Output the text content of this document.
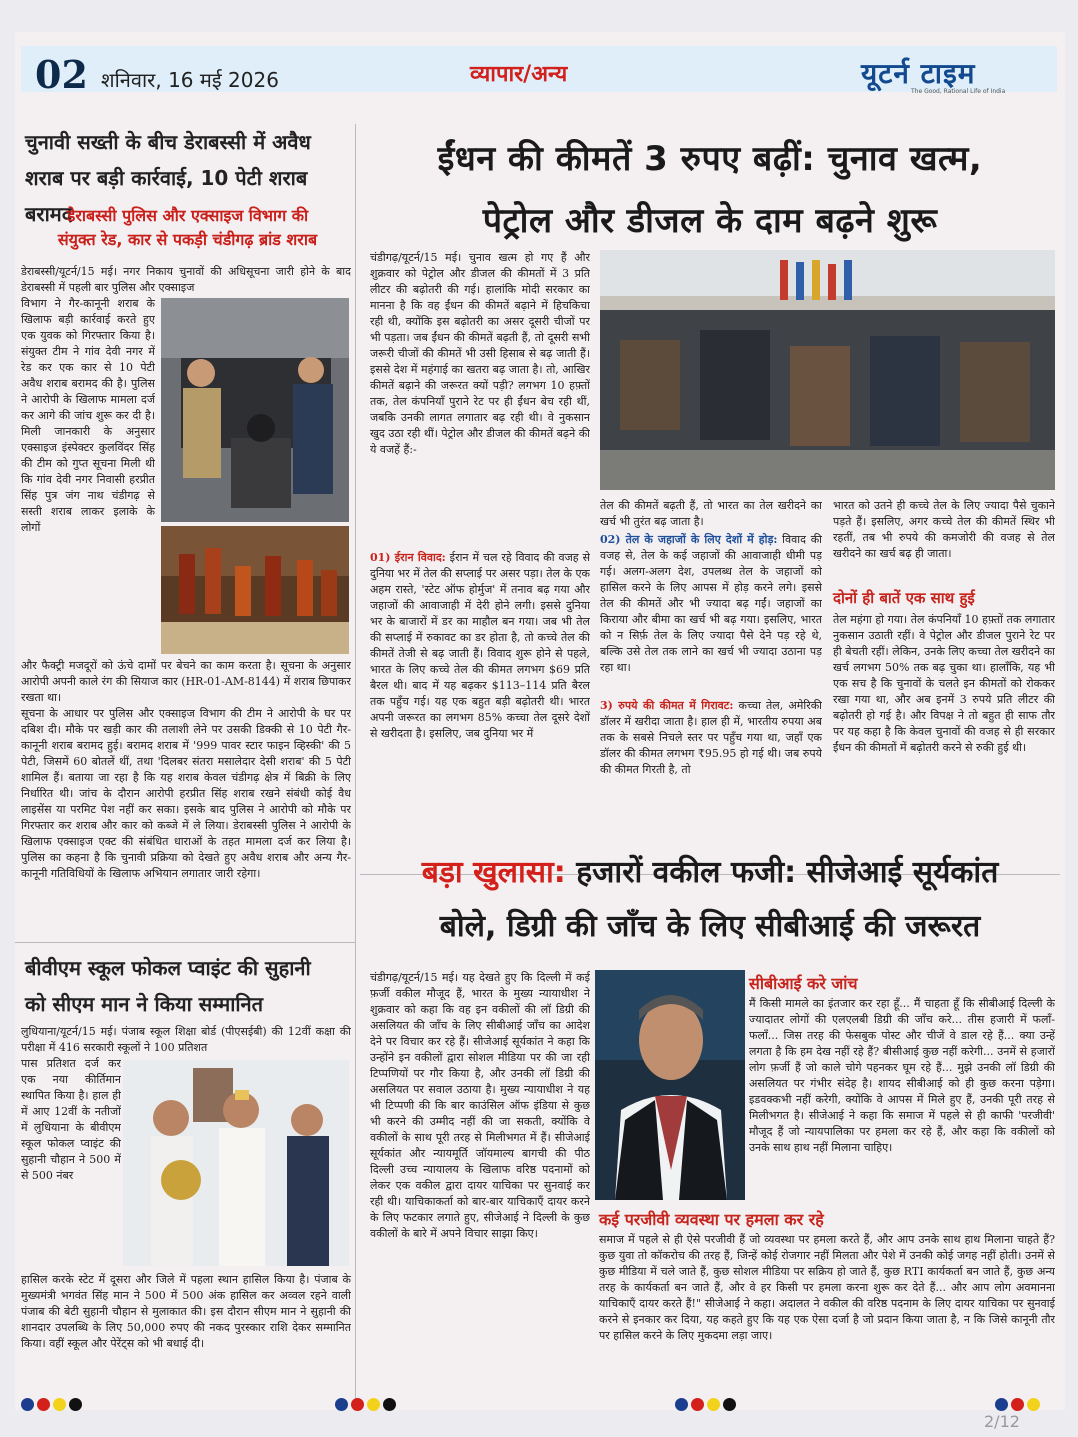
02 शनिवार, 16 मई 2026	व्यापार/अन्य	यूटर्न टाइम
The Good, Rational Life of India
चुनावी सख्ती के बीच डेराबस्सी में अवैध
शराब पर बड़ी कार्रवाई, 10 पेटी शराब बरामद
डेराबस्सी पुलिस और एक्साइज विभाग की
संयुक्त रेड, कार से पकड़ी चंडीगढ़ ब्रांड शराब
डेराबस्सी/यूटर्न/15 मई। नगर निकाय चुनावों की अधिसूचना जारी होने के बाद डेराबस्सी में पहली बार पुलिस और एक्साइज
विभाग ने गैर-कानूनी शराब के खिलाफ बड़ी कार्रवाई करते हुए एक युवक को गिरफ्तार किया है। संयुक्त टीम ने गांव देवी नगर में रेड कर एक कार से 10 पेटी अवैध शराब बरामद की है। पुलिस ने आरोपी के खिलाफ मामला दर्ज कर आगे की जांच शुरू कर दी है। मिली जानकारी के अनुसार एक्साइज इंस्पेक्टर कुलविंदर सिंह की टीम को गुप्त सूचना मिली थी कि गांव देवी नगर निवासी हरप्रीत सिंह पुत्र जंग नाथ चंडीगढ़ से सस्ती शराब लाकर इलाके के लोगों
और फैक्ट्री मजदूरों को ऊंचे दामों पर बेचने का काम करता है। सूचना के अनुसार आरोपी अपनी काले रंग की सियाज कार (HR-01-AM-8144) में शराब छिपाकर रखता था।
सूचना के आधार पर पुलिस और एक्साइज विभाग की टीम ने आरोपी के घर पर दबिश दी। मौके पर खड़ी कार की तलाशी लेने पर उसकी डिक्की से 10 पेटी गैर-कानूनी शराब बरामद हुई। बरामद शराब में '999 पावर स्टार फाइन व्हिस्की' की 5 पेटी, जिसमें 60 बोतलें थीं, तथा 'दिलबर संतरा मसालेदार देसी शराब' की 5 पेटी शामिल हैं। बताया जा रहा है कि यह शराब केवल चंडीगढ़ क्षेत्र में बिक्री के लिए निर्धारित थी। जांच के दौरान आरोपी हरप्रीत सिंह शराब रखने संबंधी कोई वैध लाइसेंस या परमिट पेश नहीं कर सका। इसके बाद पुलिस ने आरोपी को मौके पर गिरफ्तार कर शराब और कार को कब्जे में ले लिया। डेराबस्सी पुलिस ने आरोपी के खिलाफ एक्साइज एक्ट की संबंधित धाराओं के तहत मामला दर्ज कर लिया है। पुलिस का कहना है कि चुनावी प्रक्रिया को देखते हुए अवैध शराब और अन्य गैर-कानूनी गतिविधियों के खिलाफ अभियान लगातार जारी रहेगा।
बीवीएम स्कूल फोकल प्वाइंट की सुहानी
को सीएम मान ने किया सम्मानित
लुधियाना/यूटर्न/15 मई। पंजाब स्कूल शिक्षा बोर्ड (पीएसईबी) की 12वीं कक्षा की परीक्षा में 416 सरकारी स्कूलों ने 100 प्रतिशत
पास प्रतिशत दर्ज कर एक नया कीर्तिमान स्थापित किया है। हाल ही में आए 12वीं के नतीजों में लुधियाना के बीवीएम स्कूल फोकल प्वाइंट की सुहानी चौहान ने 500 में से 500 नंबर
हासिल करके स्टेट में दूसरा और जिले में पहला स्थान हासिल किया है। पंजाब के मुख्यमंत्री भगवंत सिंह मान ने 500 में 500 अंक हासिल कर अव्वल रहने वाली पंजाब की बेटी सुहानी चौहान से मुलाकात की। इस दौरान सीएम मान ने सुहानी की शानदार उपलब्धि के लिए 50,000 रुपए की नकद पुरस्कार राशि देकर सम्मानित किया। वहीं स्कूल और पेरेंट्स को भी बधाई दी।
ईंधन की कीमतें 3 रुपए बढ़ीं: चुनाव खत्म,
पेट्रोल और डीजल के दाम बढ़ने शुरू
चंडीगढ़/यूटर्न/15 मई। चुनाव खत्म हो गए हैं और शुक्रवार को पेट्रोल और डीजल की कीमतों में 3 प्रति लीटर की बढ़ोतरी की गई। हालांकि मोदी सरकार का मानना है कि वह ईंधन की कीमतें बढ़ाने में हिचकिचा रही थी, क्योंकि इस बढ़ोतरी का असर दूसरी चीजों पर भी पड़ता। जब ईंधन की कीमतें बढ़ती हैं, तो दूसरी सभी जरूरी चीजों की कीमतें भी उसी हिसाब से बढ़ जाती हैं। इससे देश में महंगाई का खतरा बढ़ जाता है। तो, आखिर कीमतें बढ़ाने की जरूरत क्यों पड़ी? लगभग 10 हफ़्तों तक, तेल कंपनियाँ पुराने रेट पर ही ईंधन बेच रही थीं, जबकि उनकी लागत लगातार बढ़ रही थी। वे नुकसान खुद उठा रही थीं। पेट्रोल और डीजल की कीमतें बढ़ने की ये वजहें हैं:-
01) ईरान विवाद: ईरान में चल रहे विवाद की वजह से दुनिया भर में तेल की सप्लाई पर असर पड़ा। तेल के एक अहम रास्ते, 'स्टेट ऑफ होर्मुज' में तनाव बढ़ गया और जहाजों की आवाजाही में देरी होने लगी। इससे दुनिया भर के बाजारों में डर का माहौल बन गया। जब भी तेल की सप्लाई में रुकावट का डर होता है, तो कच्चे तेल की कीमतें तेजी से बढ़ जाती हैं। विवाद शुरू होने से पहले, भारत के लिए कच्चे तेल की कीमत लगभग $69 प्रति बैरल थी। बाद में यह बढ़कर $113–114 प्रति बैरल तक पहुँच गई। यह एक बहुत बड़ी बढ़ोतरी थी। भारत अपनी जरूरत का लगभग 85% कच्चा तेल दूसरे देशों से खरीदता है। इसलिए, जब दुनिया भर में
तेल की कीमतें बढ़ती हैं, तो भारत का तेल खरीदने का खर्च भी तुरंत बढ़ जाता है।
02) तेल के जहाजों के लिए देशों में होड़: विवाद की वजह से, तेल के कई जहाजों की आवाजाही धीमी पड़ गई। अलग-अलग देश, उपलब्ध तेल के जहाजों को हासिल करने के लिए आपस में होड़ करने लगे। इससे तेल की कीमतें और भी ज्यादा बढ़ गईं। जहाजों का किराया और बीमा का खर्च भी बढ़ गया। इसलिए, भारत को न सिर्फ़ तेल के लिए ज्यादा पैसे देने पड़ रहे थे, बल्कि उसे तेल तक लाने का खर्च भी ज्यादा उठाना पड़ रहा था।
3) रुपये की कीमत में गिरावट: कच्चा तेल, अमेरिकी डॉलर में खरीदा जाता है। हाल ही में, भारतीय रुपया अब तक के सबसे निचले स्तर पर पहुँच गया था, जहाँ एक डॉलर की कीमत लगभग ₹95.95 हो गई थी। जब रुपये की कीमत गिरती है, तो
भारत को उतने ही कच्चे तेल के लिए ज्यादा पैसे चुकाने पड़ते हैं। इसलिए, अगर कच्चे तेल की कीमतें स्थिर भी रहतीं, तब भी रुपये की कमजोरी की वजह से तेल खरीदने का खर्च बढ़ ही जाता।
दोनों ही बातें एक साथ हुई
तेल महंगा हो गया। तेल कंपनियाँ 10 हफ़्तों तक लगातार नुकसान उठाती रहीं। वे पेट्रोल और डीजल पुराने रेट पर ही बेचती रहीं। लेकिन, उनके लिए कच्चा तेल खरीदने का खर्च लगभग 50% तक बढ़ चुका था। हालाँकि, यह भी एक सच है कि चुनावों के चलते इन कीमतों को रोककर रखा गया था, और अब इनमें 3 रुपये प्रति लीटर की बढ़ोतरी हो गई है। और विपक्ष ने तो बहुत ही साफ तौर पर यह कहा है कि केवल चुनावों की वजह से ही सरकार ईंधन की कीमतों में बढ़ोतरी करने से रुकी हुई थी।
बड़ा खुलासा: हजारों वकील फजी: सीजेआई सूर्यकांत
बोले, डिग्री की जाँच के लिए सीबीआई की जरूरत
चंडीगढ़/यूटर्न/15 मई। यह देखते हुए कि दिल्ली में कई फ़र्जी वकील मौजूद हैं, भारत के मुख्य न्यायाधीश ने शुक्रवार को कहा कि वह इन वकीलों की लॉ डिग्री की असलियत की जाँच के लिए सीबीआई जाँच का आदेश देने पर विचार कर रहे हैं। सीजेआई सूर्यकांत ने कहा कि उन्होंने इन वकीलों द्वारा सोशल मीडिया पर की जा रही टिप्पणियों पर गौर किया है, और उनकी लॉ डिग्री की असलियत पर सवाल उठाया है। मुख्य न्यायाधीश ने यह भी टिप्पणी की कि बार काउंसिल ऑफ इंडिया से कुछ भी करने की उम्मीद नहीं की जा सकती, क्योंकि वे वकीलों के साथ पूरी तरह से मिलीभगत में हैं। सीजेआई सूर्यकांत और न्यायमूर्ति जॉयमाल्य बागची की पीठ दिल्ली उच्च न्यायालय के खिलाफ वरिष्ठ पदनामों को लेकर एक वकील द्वारा दायर याचिका पर सुनवाई कर रही थी। याचिकाकर्ता को बार-बार याचिकाएँ दायर करने के लिए फटकार लगाते हुए, सीजेआई ने दिल्ली के कुछ वकीलों के बारे में अपने विचार साझा किए।
सीबीआई करे जांच
मैं किसी मामले का इंतजार कर रहा हूँ... मैं चाहता हूँ कि सीबीआई दिल्ली के ज्यादातर लोगों की एलएलबी डिग्री की जाँच करे... तीस हजारी में फलाँ-फलाँ... जिस तरह की फेसबुक पोस्ट और चीजें वे डाल रहे हैं... क्या उन्हें लगता है कि हम देख नहीं रहे हैं? बीसीआई कुछ नहीं करेगी... उनमें से हजारों लोग फ़र्जी हैं जो काले चोगे पहनकर घूम रहे हैं... मुझे उनकी लॉ डिग्री की असलियत पर गंभीर संदेह है। शायद सीबीआई को ही कुछ करना पड़ेगा। इडवक्कभी नहीं करेगी, क्योंकि वे आपस में मिले हुए हैं, उनकी पूरी तरह से मिलीभगत है। सीजेआई ने कहा कि समाज में पहले से ही काफी 'परजीवी' मौजूद हैं जो न्यायपालिका पर हमला कर रहे हैं, और कहा कि वकीलों को उनके साथ हाथ नहीं मिलाना चाहिए।
कई परजीवी व्यवस्था पर हमला कर रहे
समाज में पहले से ही ऐसे परजीवी हैं जो व्यवस्था पर हमला करते हैं, और आप उनके साथ हाथ मिलाना चाहते हैं? कुछ युवा तो कॉकरोच की तरह हैं, जिन्हें कोई रोजगार नहीं मिलता और पेशे में उनकी कोई जगह नहीं होती। उनमें से कुछ मीडिया में चले जाते हैं, कुछ सोशल मीडिया पर सक्रिय हो जाते हैं, कुछ RTI कार्यकर्ता बन जाते हैं, कुछ अन्य तरह के कार्यकर्ता बन जाते हैं, और वे हर किसी पर हमला करना शुरू कर देते हैं... और आप लोग अवमानना याचिकाएँ दायर करते हैं!" सीजेआई ने कहा। अदालत ने वकील की वरिष्ठ पदनाम के लिए दायर याचिका पर सुनवाई करने से इनकार कर दिया, यह कहते हुए कि यह एक ऐसा दर्जा है जो प्रदान किया जाता है, न कि जिसे कानूनी तौर पर हासिल करने के लिए मुकदमा लड़ा जाए।
2/12
